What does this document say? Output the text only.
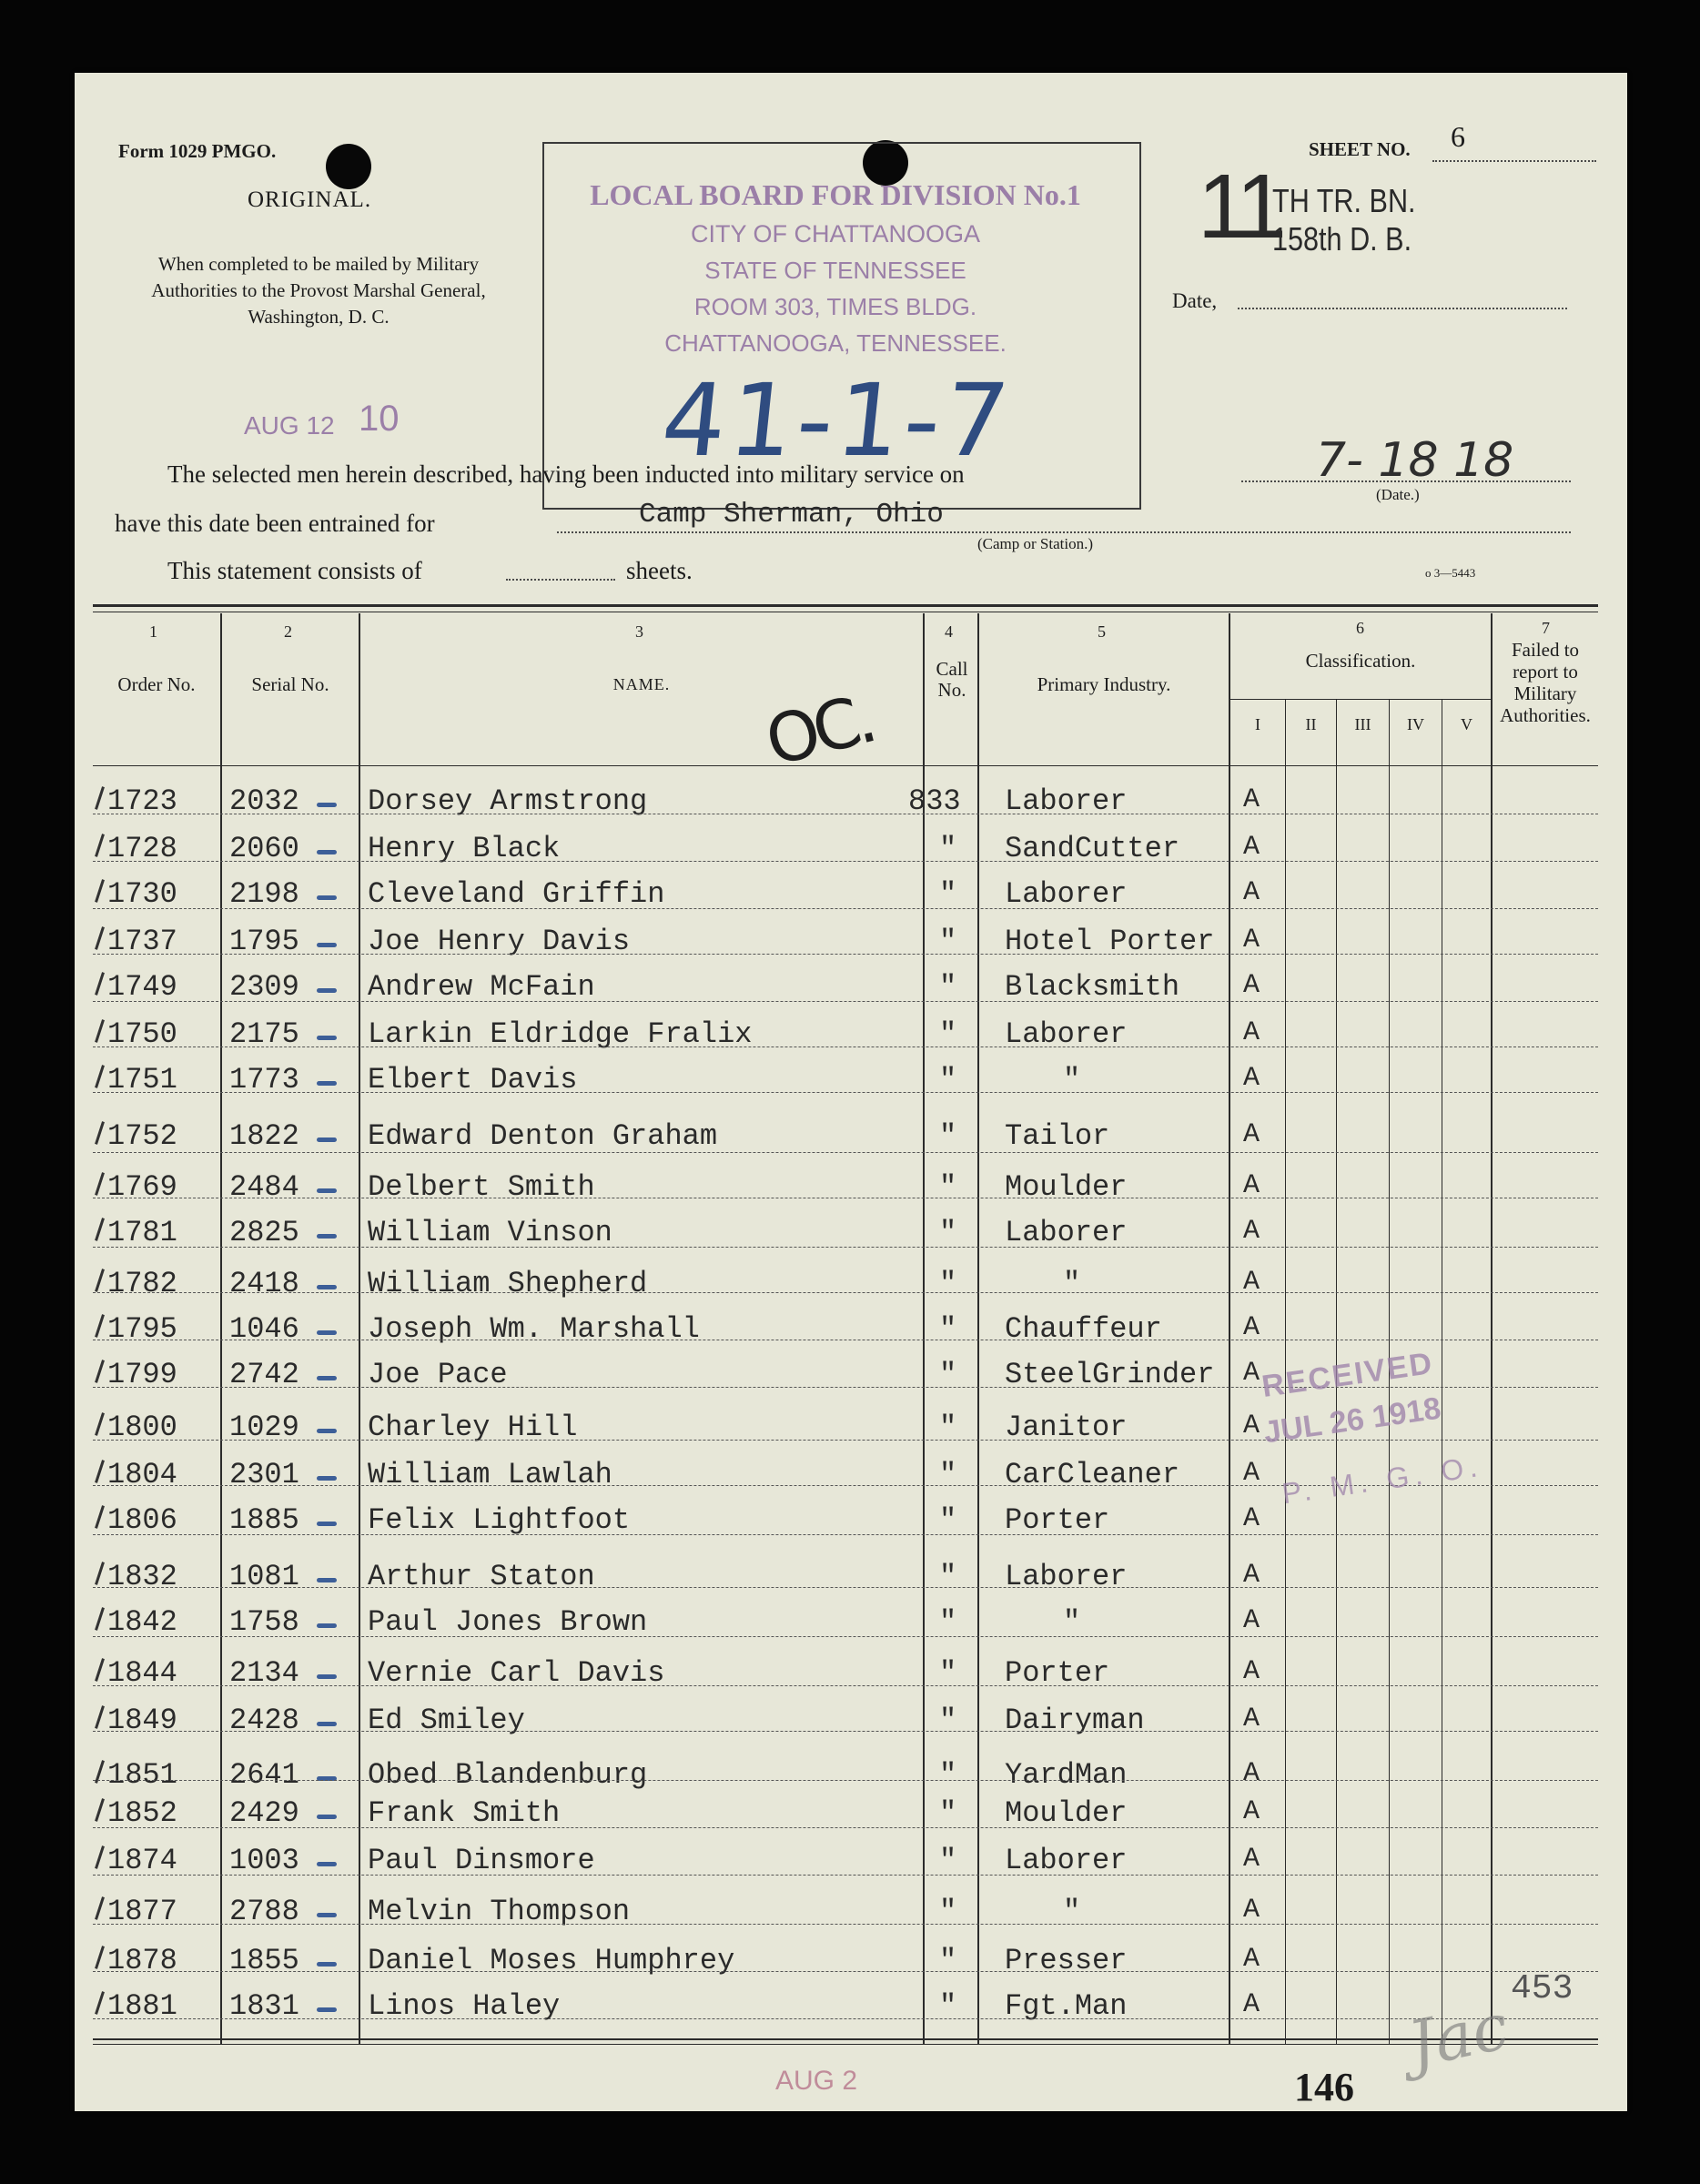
Form 1029 PMGO.
ORIGINAL.
When completed to be mailed by Military Authorities to the Provost Marshal General, Washington, D. C.
AUG 12 10
LOCAL BOARD FOR DIVISION No.1
CITY OF CHATTANOOGA
STATE OF TENNESSEE
ROOM 303, TIMES BLDG.
CHATTANOOGA, TENNESSEE.
41-1-7
SHEET NO. 6
11
TH TR. BN.
158th D. B.
Date,
The selected men herein described, having been inducted into military service on	7- 18 18
(Date.)
have this date been entrained for	Camp Sherman, Ohio
(Camp or Station.)
This statement consists of	sheets.	o 3—5443
1	2	3	4	5	6	7
Order No.	Serial No.	NAME.
Call No.	Primary Industry.
Classification.
I	II	III	IV	V
Failed to report to Military Authorities.
OC.
1723 2032 Dorsey Armstrong	833 Laborer	A
1728 2060 Henry Black	" SandCutter A
1730 2198 Cleveland Griffin	" Laborer	A
1737 1795 Joe Henry Davis	" Hotel Porter A
1749 2309 Andrew McFain	" Blacksmith A
1750 2175 Larkin Eldridge Fralix	" Laborer	A
1751 1773 Elbert Davis	"	"	A
1752 1822 Edward Denton Graham	" Tailor	A
1769 2484 Delbert Smith	" Moulder	A
1781 2825 William Vinson	" Laborer	A
1782 2418 William Shepherd	"	"	A
1795 1046 Joseph Wm. Marshall	" Chauffeur	A
1799 2742 Joe Pace	" SteelGrinder A
1800 1029 Charley Hill	" Janitor	A
1804 2301 William Lawlah	" CarCleaner A
1806 1885 Felix Lightfoot	" Porter	A
1832 1081 Arthur Staton	" Laborer	A
1842 1758 Paul Jones Brown	"	"	A
1844 2134 Vernie Carl Davis	" Porter	A
1849 2428 Ed Smiley	" Dairyman	A
1851 2641 Obed Blandenburg	" YardMan	A
1852 2429 Frank Smith	" Moulder	A
1874 1003 Paul Dinsmore	" Laborer	A
1877 2788 Melvin Thompson	"	"	A
1878 1855 Daniel Moses Humphrey	" Presser	A
1881 1831 Linos Haley	" Fgt.Man	A
RECEIVED
JUL 26 1918
P. M. G. O.
AUG 2	146
453
Jac
